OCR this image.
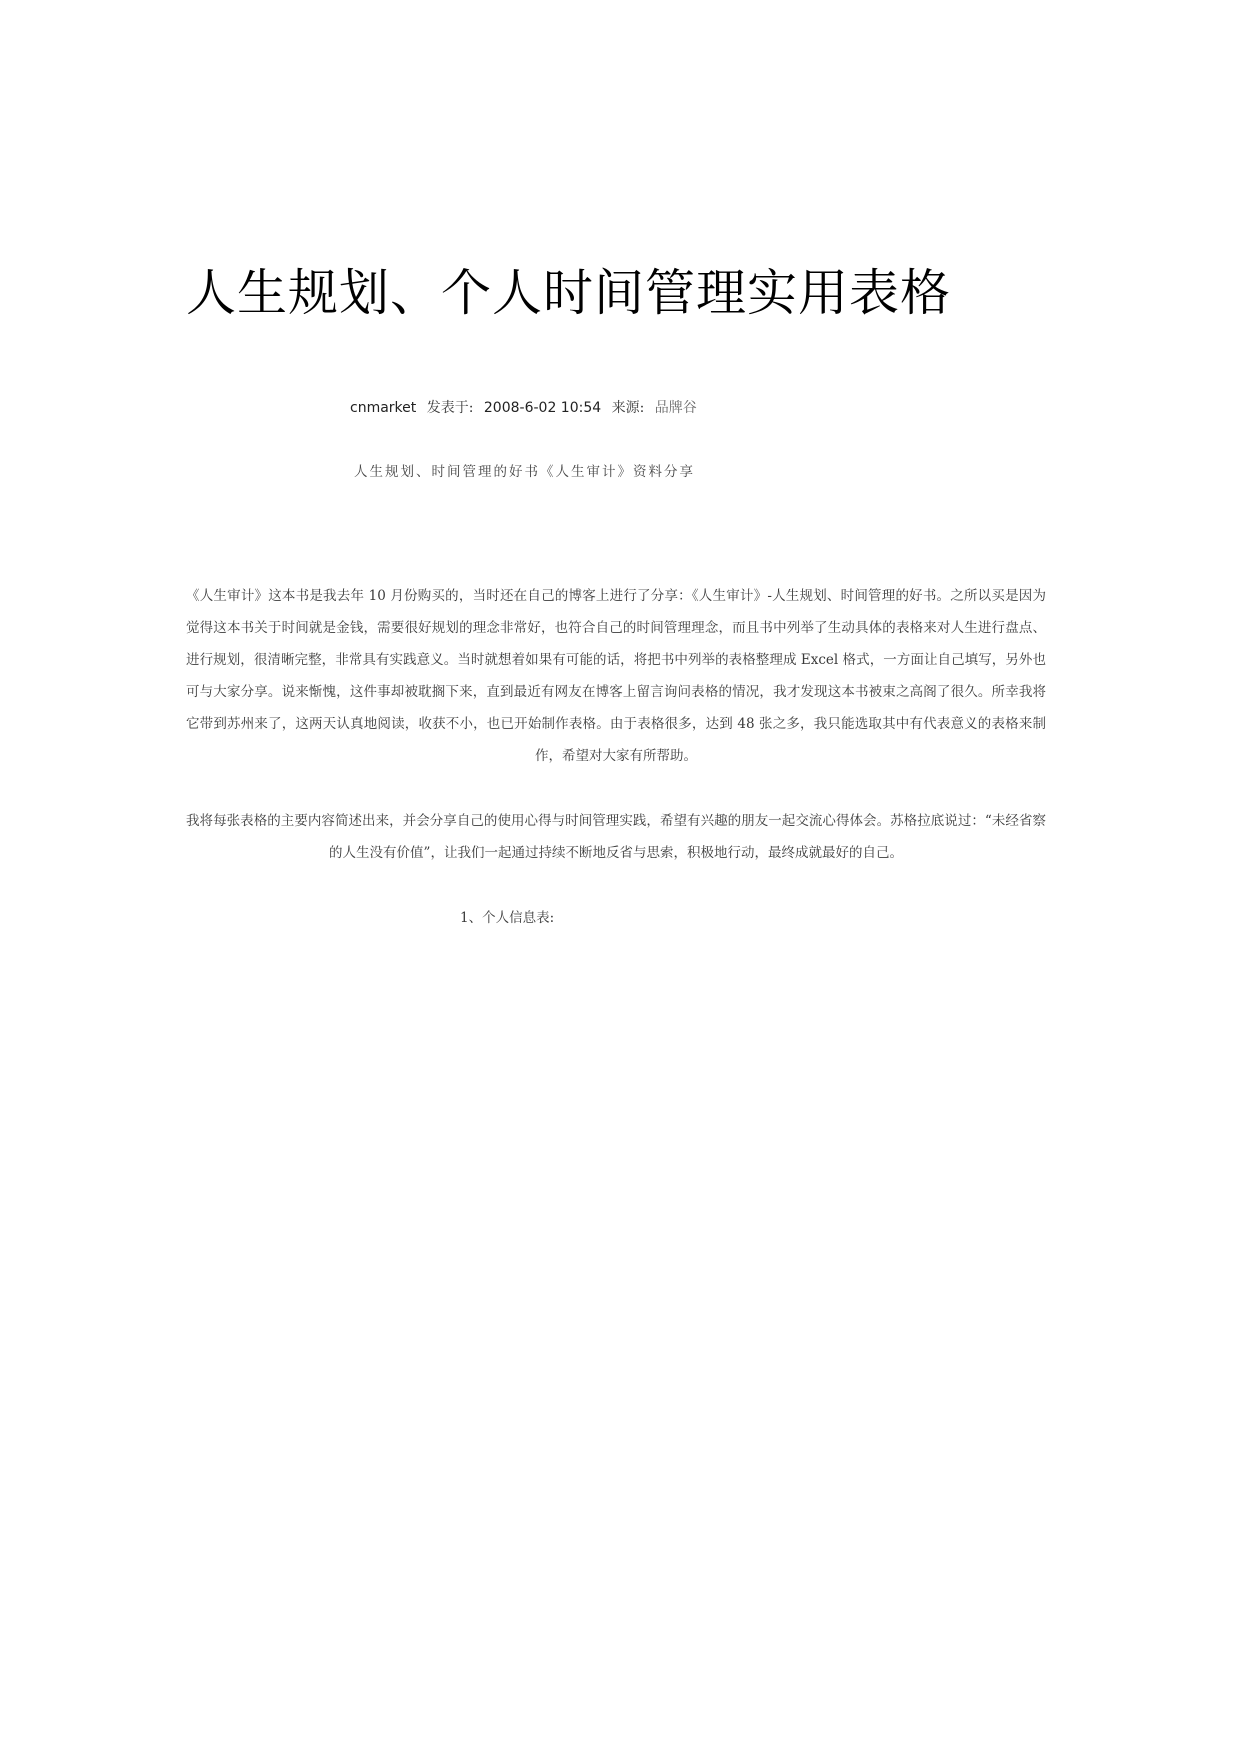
人生规划、个人时间管理实用表格
cnmarket 发表于: 2008-6-02 10:54 来源: 品牌谷
人生规划、时间管理的好书《人生审计》资料分享

《人生审计》这本书是我去年 10 月份购买的，当时还在自己的博客上进行了分享：《人生审计》-人生规划、时间管理的好书。之所以买是因为觉得这本书关于时间就是金钱，需要很好规划的理念非常好，也符合自己的时间管理理念，而且书中列举了生动具体的表格来对人生进行盘点、进行规划，很清晰完整，非常具有实践意义。当时就想着如果有可能的话，将把书中列举的表格整理成 Excel 格式，一方面让自己填写，另外也可与大家分享。说来惭愧，这件事却被耽搁下来，直到最近有网友在博客上留言询问表格的情况，我才发现这本书被束之高阁了很久。所幸我将它带到苏州来了，这两天认真地阅读，收获不小，也已开始制作表格。由于表格很多，达到 48 张之多，我只能选取其中有代表意义的表格来制作，希望对大家有所帮助。

我将每张表格的主要内容简述出来，并会分享自己的使用心得与时间管理实践，希望有兴趣的朋友一起交流心得体会。苏格拉底说过：“未经省察的人生没有价值”，让我们一起通过持续不断地反省与思索，积极地行动，最终成就最好的自己。

1、个人信息表:
